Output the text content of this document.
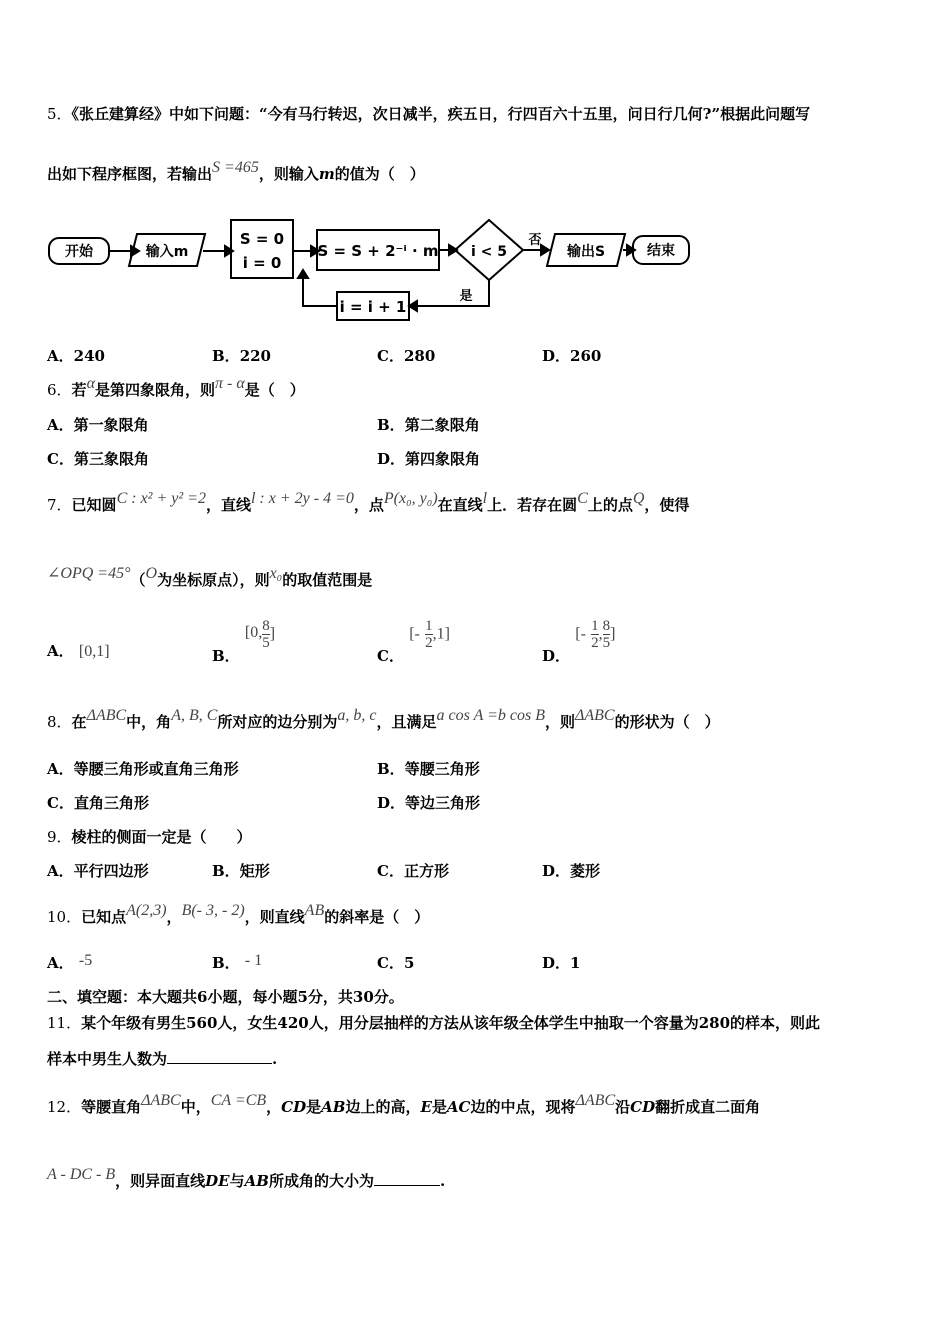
5．《张丘建算经》中如下问题：“今有马行转迟，次日减半，疾五日，行四百六十五里，问日行几何?”根据此问题写
出如下程序框图，若输出S =465，则输入m的值为（　）
开始	输入m
S = 0
i = 0
S = S + 2⁻ⁱ · m i < 5
否
输出S	结束
是
i = i + 1
A．240	B．220	C．280	D．260
6．若α是第四象限角，则π - α是（　）
A．第一象限角	B．第二象限角
C．第三象限角	D．第四象限角
7．已知圆C : x² + y² =2，直线l : x + 2y - 4 =0，点P(x₀, y₀)在直线l上．若存在圆C上的点Q，使得
∠OPQ =45°（O为坐标原点），则x₀的取值范围是
A． [0,1]	B． [0, $\frac{8}{5}$ ]
C． [- $\frac{1}{2} ,1$]
D． [- $\frac{1}{2}$ , $\frac{8}{5}$ ]
8．在ΔABC中，角A, B, C所对应的边分别为a, b, c，且满足a cos A =b cos B，则ΔABC的形状为（　）
A．等腰三角形或直角三角形	B．等腰三角形
C．直角三角形	D．等边三角形
9．棱柱的侧面一定是（　　）
A．平行四边形	B．矩形	C．正方形	D．菱形
10．已知点A(2,3)，B(- 3, - 2)，则直线AB的斜率是（　）
A． -5	B． - 1	C．5	D．1
二、填空题：本大题共6小题，每小题5分，共30分。
11．某个年级有男生560人，女生420人，用分层抽样的方法从该年级全体学生中抽取一个容量为280的样本，则此
样本中男生人数为	.
12．等腰直角ΔABC中，CA =CB，CD是AB边上的高，E是AC边的中点，现将ΔABC沿CD翻折成直二面角
A - DC - B，则异面直线DE与AB所成角的大小为	.
